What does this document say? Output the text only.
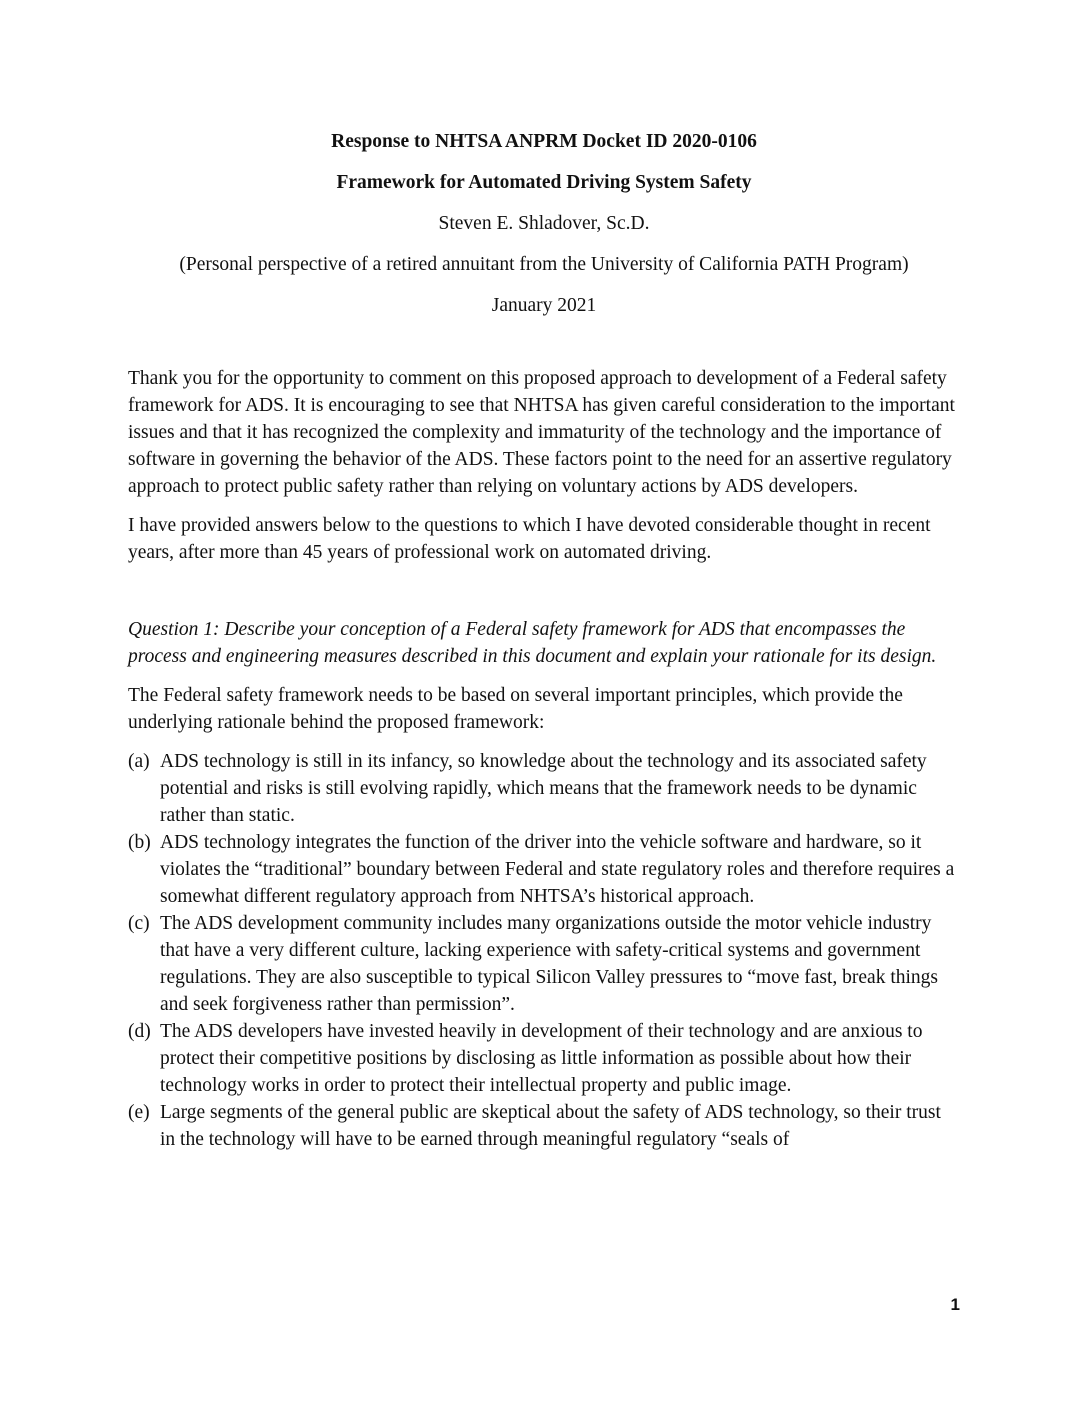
Response to NHTSA ANPRM Docket ID 2020-0106

Framework for Automated Driving System Safety

Steven E. Shladover, Sc.D.

(Personal perspective of a retired annuitant from the University of California PATH Program)

January 2021

Thank you for the opportunity to comment on this proposed approach to development of a Federal safety framework for ADS. It is encouraging to see that NHTSA has given careful consideration to the important issues and that it has recognized the complexity and immaturity of the technology and the importance of software in governing the behavior of the ADS. These factors point to the need for an assertive regulatory approach to protect public safety rather than relying on voluntary actions by ADS developers.

I have provided answers below to the questions to which I have devoted considerable thought in recent years, after more than 45 years of professional work on automated driving.

Question 1: Describe your conception of a Federal safety framework for ADS that encompasses the process and engineering measures described in this document and explain your rationale for its design.

The Federal safety framework needs to be based on several important principles, which provide the underlying rationale behind the proposed framework:

(a) ADS technology is still in its infancy, so knowledge about the technology and its associated safety potential and risks is still evolving rapidly, which means that the framework needs to be dynamic rather than static.
(b) ADS technology integrates the function of the driver into the vehicle software and hardware, so it violates the “traditional” boundary between Federal and state regulatory roles and therefore requires a somewhat different regulatory approach from NHTSA’s historical approach.
(c) The ADS development community includes many organizations outside the motor vehicle industry that have a very different culture, lacking experience with safety-critical systems and government regulations. They are also susceptible to typical Silicon Valley pressures to “move fast, break things and seek forgiveness rather than permission”.
(d) The ADS developers have invested heavily in development of their technology and are anxious to protect their competitive positions by disclosing as little information as possible about how their technology works in order to protect their intellectual property and public image.
(e) Large segments of the general public are skeptical about the safety of ADS technology, so their trust in the technology will have to be earned through meaningful regulatory “seals of
1
